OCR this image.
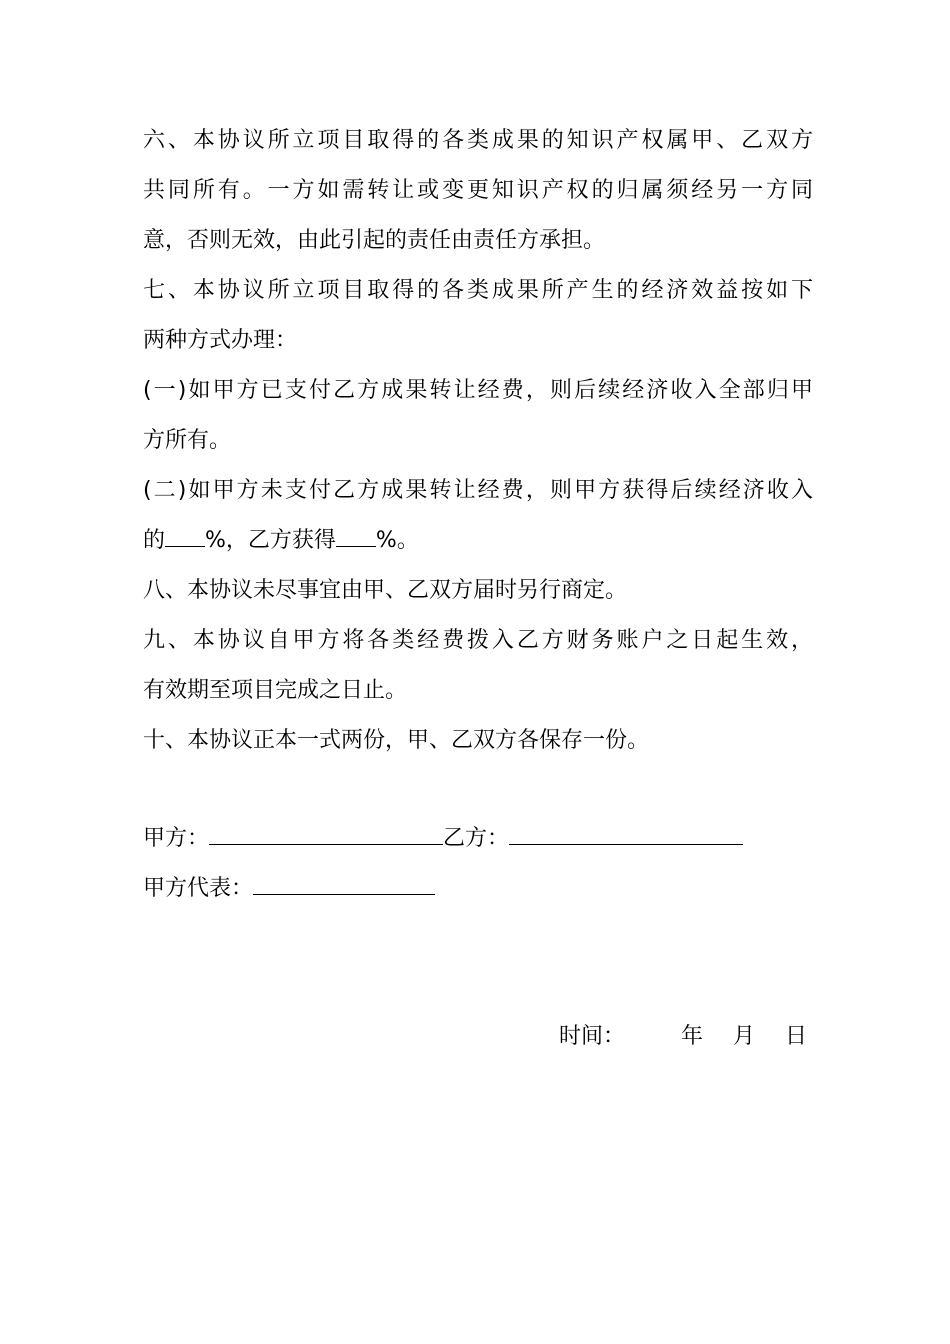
六、本协议所立项目取得的各类成果的知识产权属甲、乙双方
共同所有。一方如需转让或变更知识产权的归属须经另一方同
意，否则无效，由此引起的责任由责任方承担。
七、本协议所立项目取得的各类成果所产生的经济效益按如下
两种方式办理：
(一)如甲方已支付乙方成果转让经费，则后续经济收入全部归甲
方所有。
(二)如甲方未支付乙方成果转让经费，则甲方获得后续经济收入
的 %，乙方获得 %。
八、本协议未尽事宜由甲、乙双方届时另行商定。
九、本协议自甲方将各类经费拨入乙方财务账户之日起生效，
有效期至项目完成之日止。
十、本协议正本一式两份，甲、乙双方各保存一份。
甲方：	乙方：
甲方代表：
时间：	年 月 日
